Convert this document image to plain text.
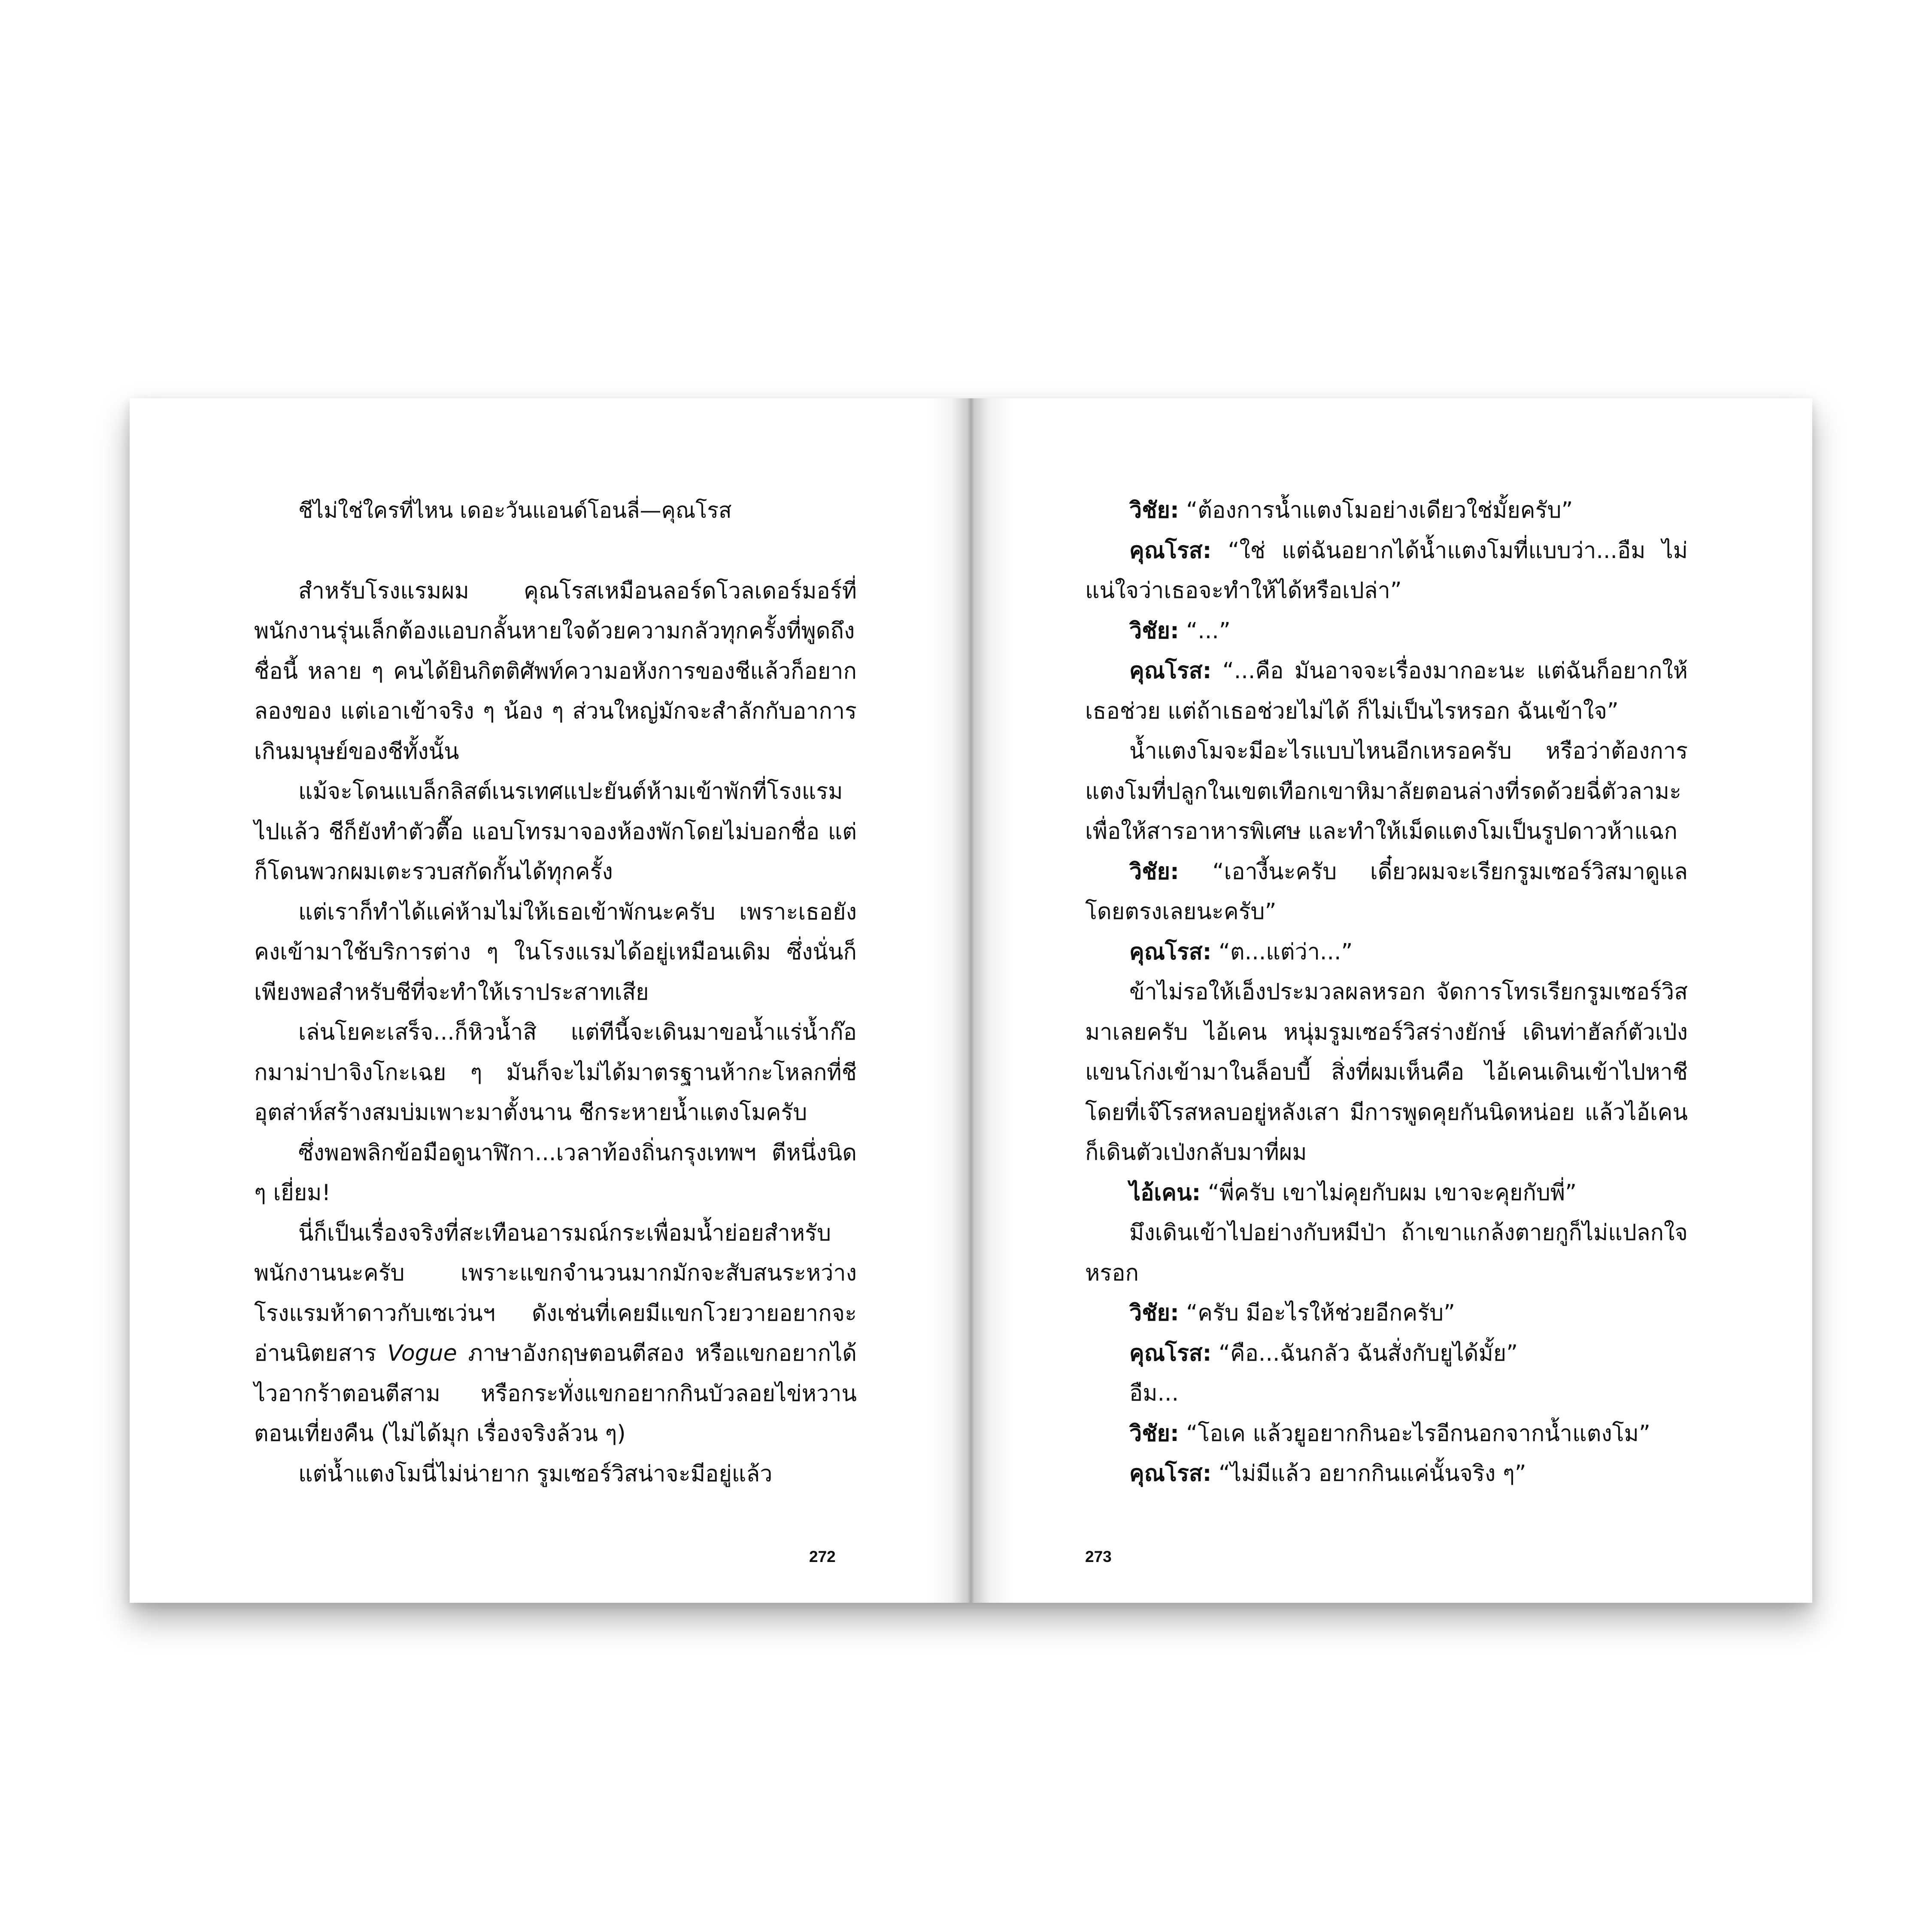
ชีไม่ใช่ใครที่ไหน เดอะวันแอนด์โอนลี่—คุณโรส
สำหรับโรงแรมผม คุณโรสเหมือนลอร์ดโวลเดอร์มอร์ที่พนักงานรุ่นเล็กต้องแอบกลั้นหายใจด้วยความกลัวทุกครั้งที่พูดถึงชื่อนี้ หลาย ๆ คนได้ยินกิตติศัพท์ความอหังการของชีแล้วก็อยากลองของ แต่เอาเข้าจริง ๆ น้อง ๆ ส่วนใหญ่มักจะสำลักกับอาการเกินมนุษย์ของชีทั้งนั้น
แม้จะโดนแบล็กลิสต์เนรเทศแปะยันต์ห้ามเข้าพักที่โรงแรมไปแล้ว ชีก็ยังทำตัวตื๊อ แอบโทรมาจองห้องพักโดยไม่บอกชื่อ แต่ก็โดนพวกผมเตะรวบสกัดกั้นได้ทุกครั้ง
แต่เราก็ทำได้แค่ห้ามไม่ให้เธอเข้าพักนะครับ เพราะเธอยังคงเข้ามาใช้บริการต่าง ๆ ในโรงแรมได้อยู่เหมือนเดิม ซึ่งนั่นก็เพียงพอสำหรับชีที่จะทำให้เราประสาทเสีย
เล่นโยคะเสร็จ...ก็หิวน้ำสิ แต่ทีนี้จะเดินมาขอน้ำแร่น้ำก๊อกมาม่าปาจิงโกะเฉย ๆ มันก็จะไม่ได้มาตรฐานห้ากะโหลกที่ชีอุตส่าห์สร้างสมบ่มเพาะมาตั้งนาน ชีกระหายน้ำแตงโมครับ
ซึ่งพอพลิกข้อมือดูนาฬิกา...เวลาท้องถิ่นกรุงเทพฯ ตีหนึ่งนิด ๆ เยี่ยม!
นี่ก็เป็นเรื่องจริงที่สะเทือนอารมณ์กระเพื่อมน้ำย่อยสำหรับพนักงานนะครับ เพราะแขกจำนวนมากมักจะสับสนระหว่างโรงแรมห้าดาวกับเซเว่นฯ ดังเช่นที่เคยมีแขกโวยวายอยากจะอ่านนิตยสาร Vogue ภาษาอังกฤษตอนตีสอง หรือแขกอยากได้ไวอากร้าตอนตีสาม หรือกระทั่งแขกอยากกินบัวลอยไข่หวานตอนเที่ยงคืน (ไม่ได้มุก เรื่องจริงล้วน ๆ)
แต่น้ำแตงโมนี่ไม่น่ายาก รูมเซอร์วิสน่าจะมีอยู่แล้ว
272
วิชัย: “ต้องการน้ำแตงโมอย่างเดียวใช่มั้ยครับ”
คุณโรส: “ใช่ แต่ฉันอยากได้น้ำแตงโมที่แบบว่า...อืม ไม่แน่ใจว่าเธอจะทำให้ได้หรือเปล่า”
วิชัย: “...”
คุณโรส: “...คือ มันอาจจะเรื่องมากอะนะ แต่ฉันก็อยากให้เธอช่วย แต่ถ้าเธอช่วยไม่ได้ ก็ไม่เป็นไรหรอก ฉันเข้าใจ”
น้ำแตงโมจะมีอะไรแบบไหนอีกเหรอครับ หรือว่าต้องการแตงโมที่ปลูกในเขตเทือกเขาหิมาลัยตอนล่างที่รดด้วยฉี่ตัวลามะเพื่อให้สารอาหารพิเศษ และทำให้เม็ดแตงโมเป็นรูปดาวห้าแฉก
วิชัย: “เอางี้นะครับ เดี๋ยวผมจะเรียกรูมเซอร์วิสมาดูแลโดยตรงเลยนะครับ”
คุณโรส: “ต...แต่ว่า...”
ข้าไม่รอให้เอ็งประมวลผลหรอก จัดการโทรเรียกรูมเซอร์วิสมาเลยครับ ไอ้เคน หนุ่มรูมเซอร์วิสร่างยักษ์ เดินท่าฮัลก์ตัวเป่งแขนโก่งเข้ามาในล็อบบี้ สิ่งที่ผมเห็นคือ ไอ้เคนเดินเข้าไปหาชีโดยที่เจ๊โรสหลบอยู่หลังเสา มีการพูดคุยกันนิดหน่อย แล้วไอ้เคนก็เดินตัวเป่งกลับมาที่ผม
ไอ้เคน: “พี่ครับ เขาไม่คุยกับผม เขาจะคุยกับพี่”
มึงเดินเข้าไปอย่างกับหมีป่า ถ้าเขาแกล้งตายกูก็ไม่แปลกใจหรอก
วิชัย: “ครับ มีอะไรให้ช่วยอีกครับ”
คุณโรส: “คือ...ฉันกลัว ฉันสั่งกับยูได้มั้ย”
อืม...
วิชัย: “โอเค แล้วยูอยากกินอะไรอีกนอกจากน้ำแตงโม”
คุณโรส: “ไม่มีแล้ว อยากกินแค่นั้นจริง ๆ”
273
